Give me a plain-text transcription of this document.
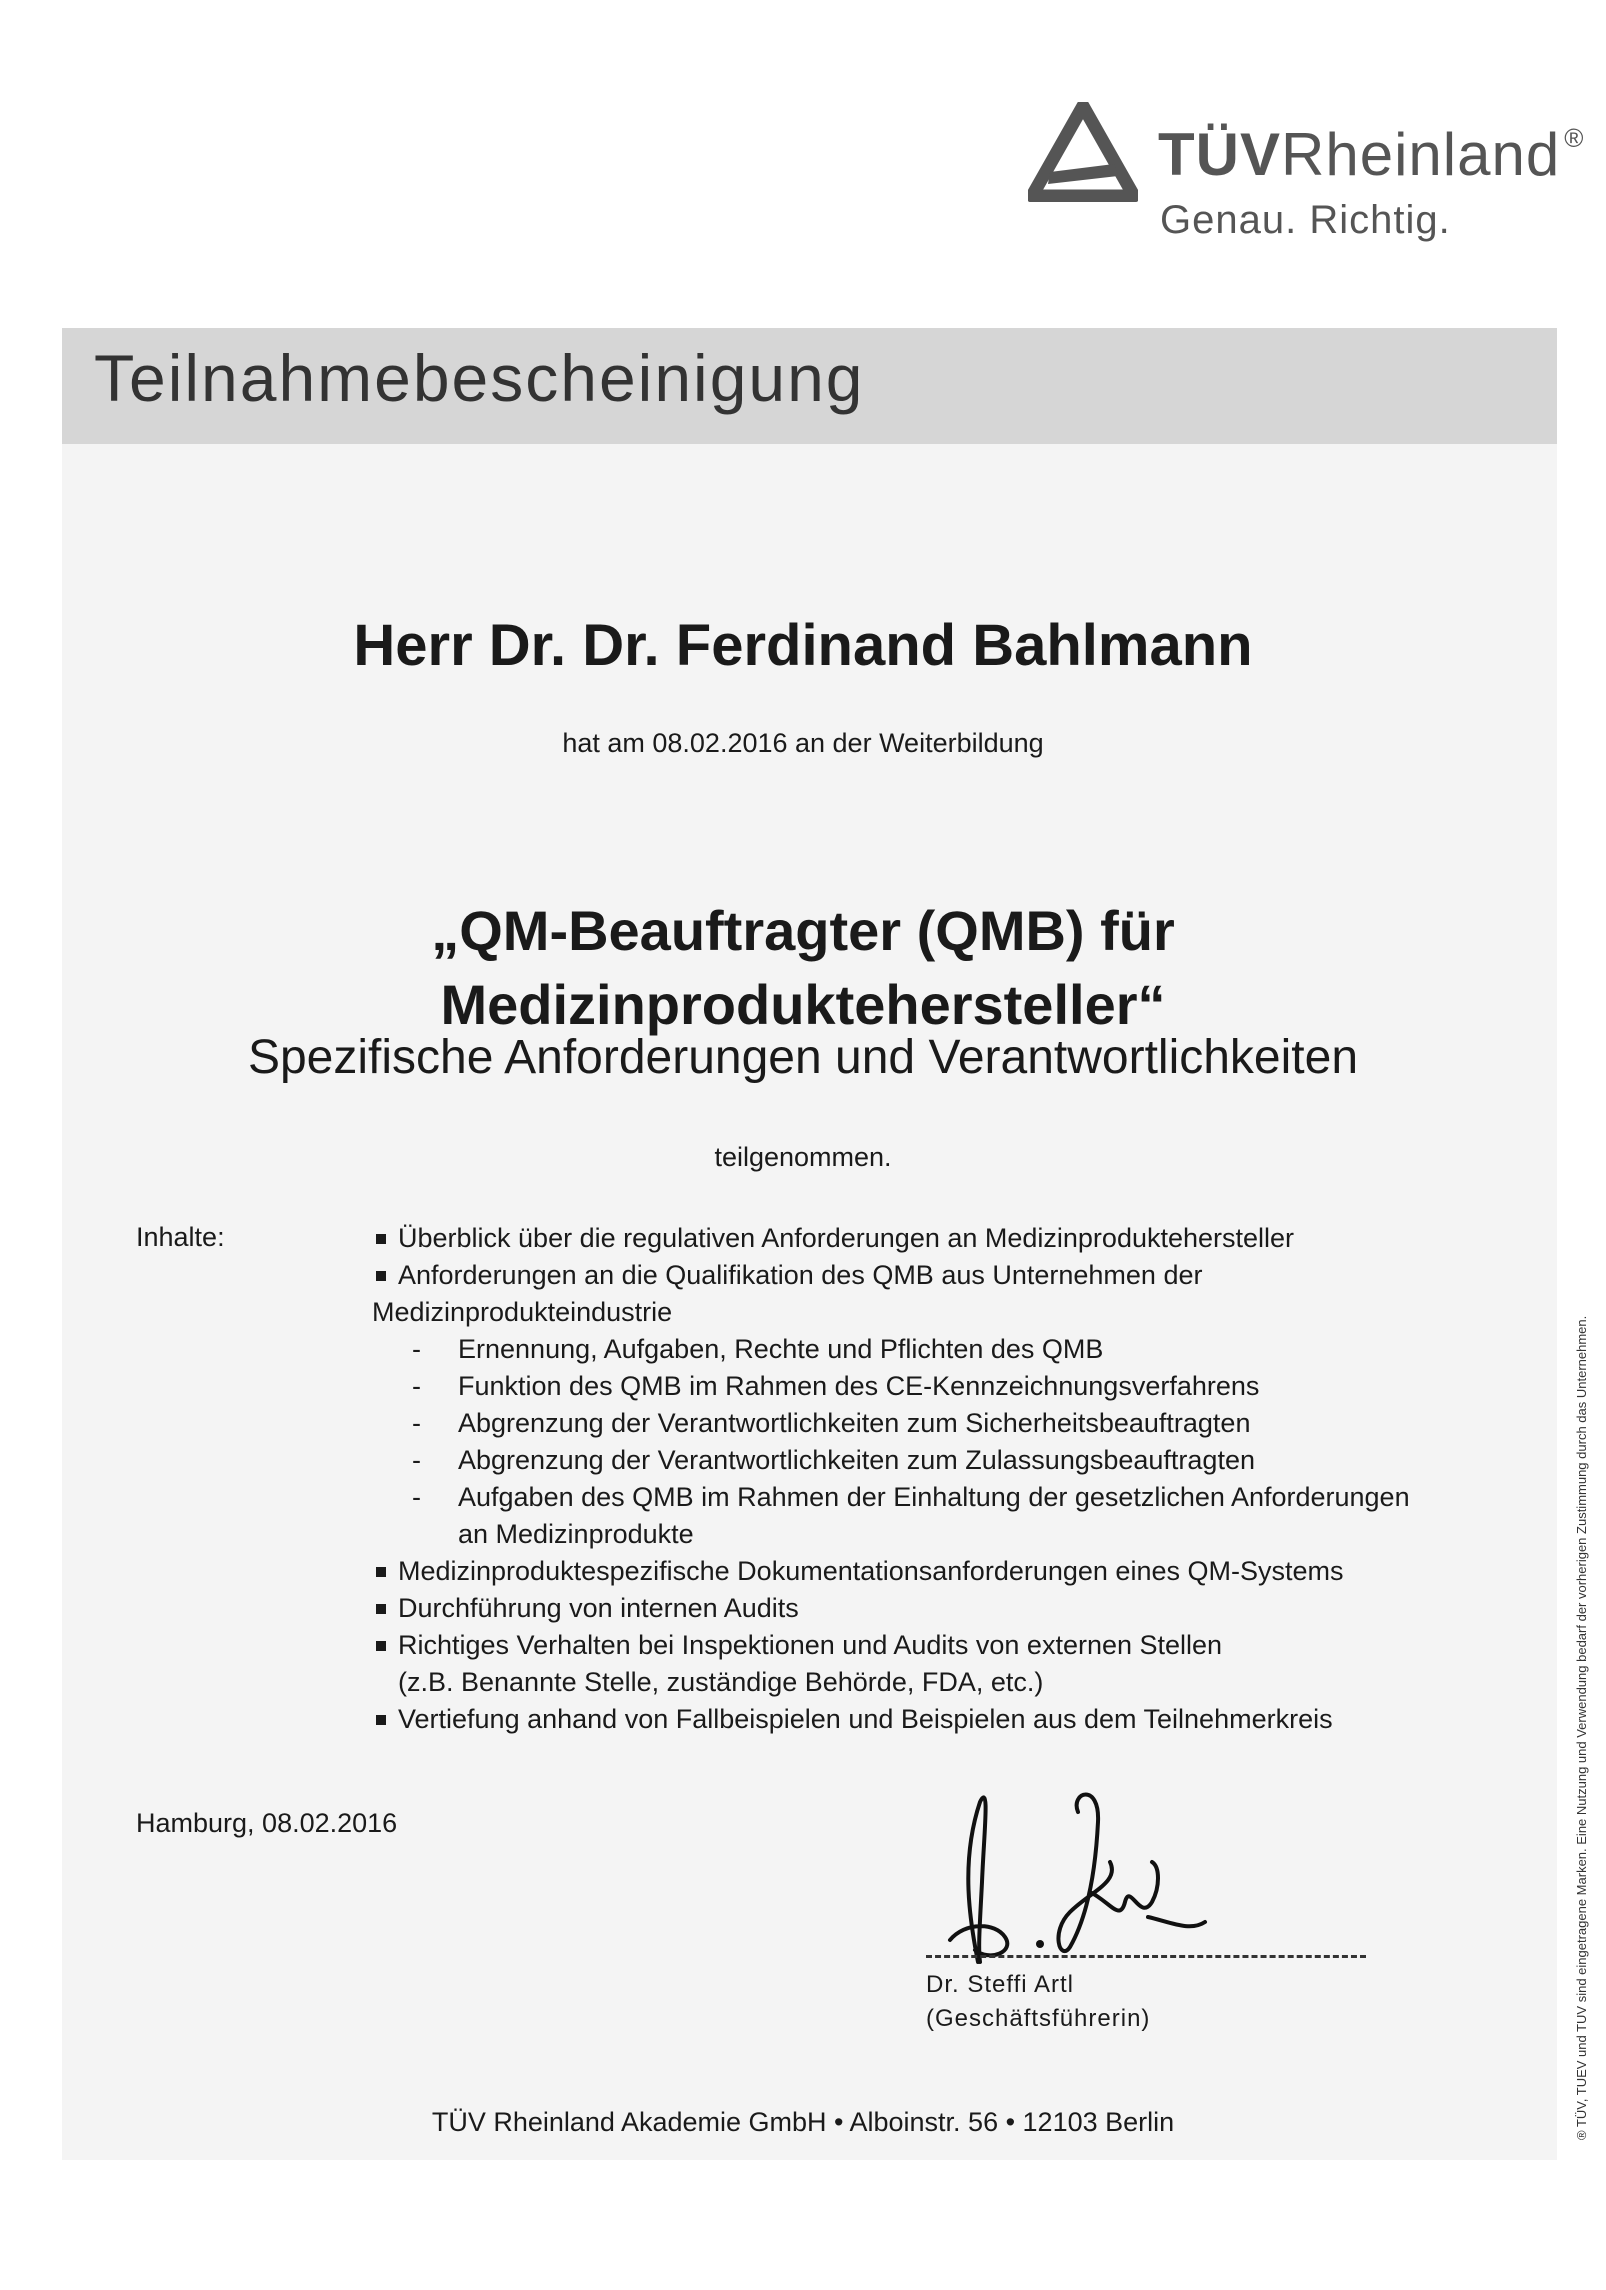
TÜVRheinland ®
Genau. Richtig.
Teilnahmebescheinigung
Herr Dr. Dr. Ferdinand Bahlmann
hat am 08.02.2016 an der Weiterbildung
„QM-Beauftragter (QMB) für
Medizinproduktehersteller“
Spezifische Anforderungen und Verantwortlichkeiten
teilgenommen.
Inhalte:	Überblick über die regulativen Anforderungen an Medizinproduktehersteller
Anforderungen an die Qualifikation des QMB aus Unternehmen der
Medizinprodukteindustrie
- Ernennung, Aufgaben, Rechte und Pflichten des QMB
- Funktion des QMB im Rahmen des CE-Kennzeichnungsverfahrens
- Abgrenzung der Verantwortlichkeiten zum Sicherheitsbeauftragten
- Abgrenzung der Verantwortlichkeiten zum Zulassungsbeauftragten
- Aufgaben des QMB im Rahmen der Einhaltung der gesetzlichen Anforderungen
an Medizinprodukte
Medizinproduktespezifische Dokumentationsanforderungen eines QM-Systems
Durchführung von internen Audits
Richtiges Verhalten bei Inspektionen und Audits von externen Stellen
(z.B. Benannte Stelle, zuständige Behörde, FDA, etc.)
Vertiefung anhand von Fallbeispielen und Beispielen aus dem Teilnehmerkreis
Hamburg, 08.02.2016
Dr. Steffi Artl
(Geschäftsführerin)
TÜV Rheinland Akademie GmbH • Alboinstr. 56 • 12103 Berlin	® TÜV, TUEV und TUV sind eingetragene Marken. Eine Nutzung und Verwendung bedarf der vorherigen Zustimmung durch das Unternehmen.
